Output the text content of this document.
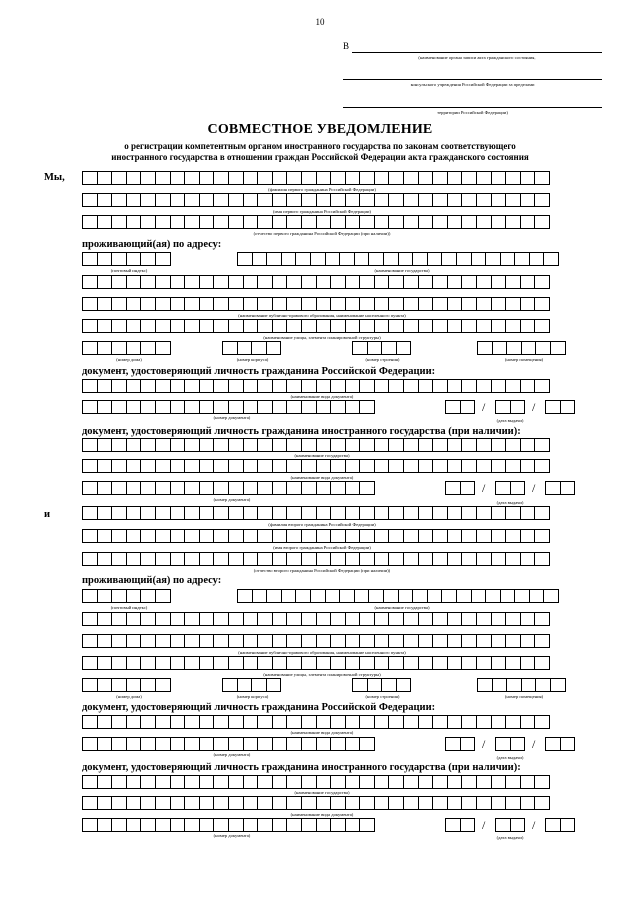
10
В
(наименование органа записи акта гражданского состояния,
консульского учреждения Российской Федерации за пределами
территории Российской Федерации)
СОВМЕСТНОЕ УВЕДОМЛЕНИЕ
о регистрации компетентным органом иностранного государства по законам соответствующего
иностранного государства в отношении граждан Российской Федерации акта гражданского состояния
Мы,
(фамилия первого гражданина Российской Федерации)
(имя первого гражданина Российской Федерации)
(отчество первого гражданина Российской Федерации (при наличии))
проживающий(ая) по адресу:
(почтовый индекс)	(наименование государства)
(наименование публично-правового образования, наименование населенного пункта)
(наименование улицы, элемента планировочной структуры)
(номер дома)	(номер корпуса)	(номер строения)	(номер помещения)
документ, удостоверяющий личность гражданина Российской Федерации:
(наименование вида документа)
/	/
(номер документа)
(дата выдачи)
документ, удостоверяющий личность гражданина иностранного государства (при наличии):
(наименование государства)
(наименование вида документа)
/	/
(номер документа)
(дата выдачи)
и
(фамилия второго гражданина Российской Федерации)
(имя второго гражданина Российской Федерации)
(отчество второго гражданина Российской Федерации (при наличии))
проживающий(ая) по адресу:
(почтовый индекс)	(наименование государства)
(наименование публично-правового образования, наименование населенного пункта)
(наименование улицы, элемента планировочной структуры)
(номер дома)	(номер корпуса)	(номер строения)	(номер помещения)
документ, удостоверяющий личность гражданина Российской Федерации:
(наименование вида документа)
/	/
(номер документа)
(дата выдачи)
документ, удостоверяющий личность гражданина иностранного государства (при наличии):
(наименование государства)
(наименование вида документа)
/	/
(номер документа)	(дата выдачи)
